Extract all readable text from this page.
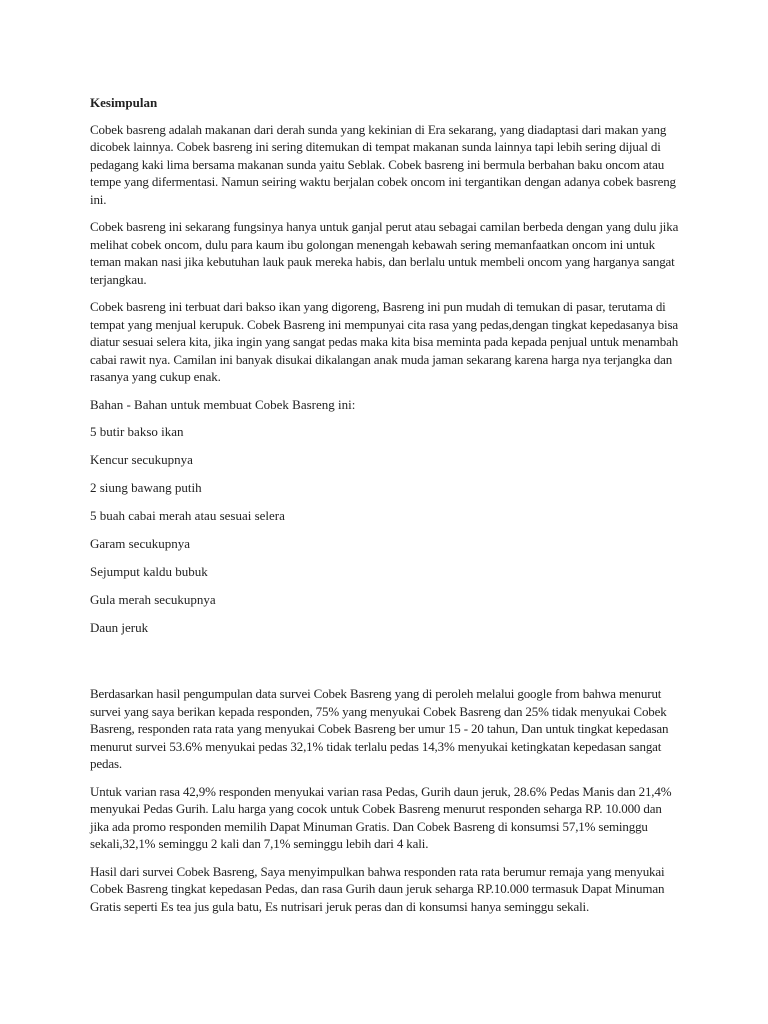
Kesimpulan

Cobek basreng adalah makanan dari derah sunda yang kekinian di Era sekarang, yang diadaptasi dari makan yang dicobek lainnya. Cobek basreng ini sering ditemukan di tempat makanan sunda lainnya tapi lebih sering dijual di pedagang kaki lima bersama makanan sunda yaitu Seblak. Cobek basreng ini bermula berbahan baku oncom atau tempe yang difermentasi. Namun seiring waktu berjalan cobek oncom ini tergantikan dengan adanya cobek basreng ini.

Cobek basreng ini sekarang fungsinya hanya untuk ganjal perut atau sebagai camilan berbeda dengan yang dulu jika melihat cobek oncom, dulu para kaum ibu golongan menengah kebawah sering memanfaatkan oncom ini untuk teman makan nasi jika kebutuhan lauk pauk mereka habis, dan berlalu untuk membeli oncom yang harganya sangat terjangkau.

Cobek basreng ini terbuat dari bakso ikan yang digoreng, Basreng ini pun mudah di temukan di pasar, terutama di tempat yang menjual kerupuk. Cobek Basreng ini mempunyai cita rasa yang pedas,dengan tingkat kepedasanya bisa diatur sesuai selera kita, jika ingin yang sangat pedas maka kita bisa meminta pada kepada penjual untuk menambah cabai rawit nya. Camilan ini banyak disukai dikalangan anak muda jaman sekarang karena harga nya terjangka dan rasanya yang cukup enak.

Bahan - Bahan untuk membuat Cobek Basreng ini:

5 butir bakso ikan
Kencur secukupnya
2 siung bawang putih
5 buah cabai merah atau sesuai selera
Garam secukupnya
Sejumput kaldu bubuk
Gula merah secukupnya
Daun jeruk

Berdasarkan hasil pengumpulan data survei Cobek Basreng yang di peroleh melalui google from bahwa menurut survei yang saya berikan kepada responden, 75% yang menyukai Cobek Basreng dan 25% tidak menyukai Cobek Basreng, responden rata rata yang menyukai Cobek Basreng ber umur 15 - 20 tahun, Dan untuk tingkat kepedasan menurut survei 53.6% menyukai pedas 32,1% tidak terlalu pedas 14,3% menyukai ketingkatan kepedasan sangat pedas.

Untuk varian rasa 42,9% responden menyukai varian rasa Pedas, Gurih daun jeruk, 28.6% Pedas Manis dan 21,4% menyukai Pedas Gurih. Lalu harga yang cocok untuk Cobek Basreng menurut responden seharga RP. 10.000 dan jika ada promo responden memilih Dapat Minuman Gratis. Dan Cobek Basreng di konsumsi 57,1% seminggu sekali,32,1% seminggu 2 kali dan 7,1% seminggu lebih dari 4 kali.

Hasil dari survei Cobek Basreng, Saya menyimpulkan bahwa responden rata rata berumur remaja yang menyukai Cobek Basreng tingkat kepedasan Pedas, dan rasa Gurih daun jeruk seharga RP.10.000 termasuk Dapat Minuman Gratis seperti Es tea jus gula batu, Es nutrisari jeruk peras dan di konsumsi hanya seminggu sekali.
